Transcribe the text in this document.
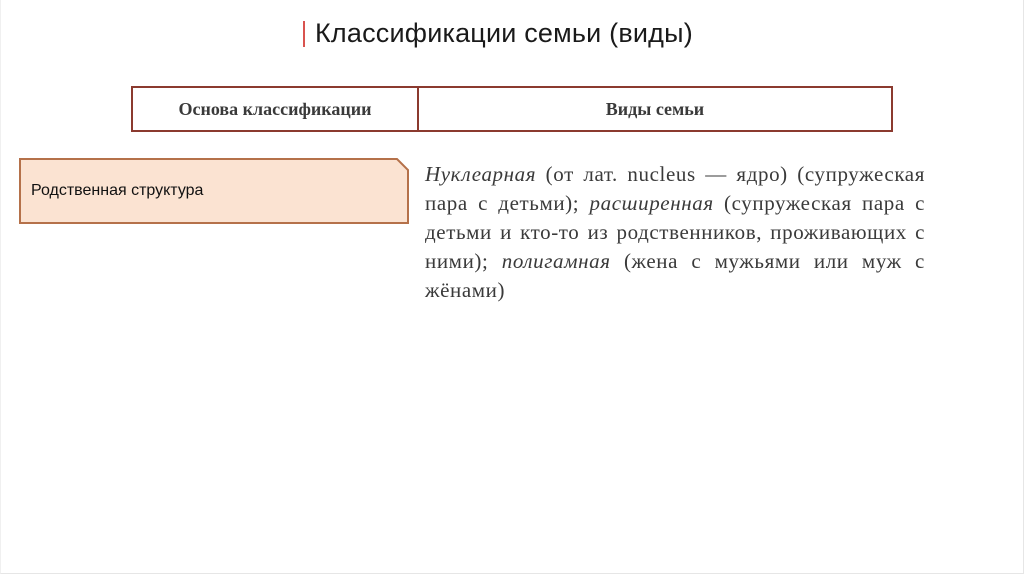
Классификации семьи (виды)
Основа классификации	Виды семьи
Родственная структура
Нуклеарная (от лат. nucleus — ядро) (супружеская пара с детьми); расширенная (супружеская пара с детьми и кто-то из родственников, проживающих с ними); полигамная (жена с мужьями или муж с жёнами)
